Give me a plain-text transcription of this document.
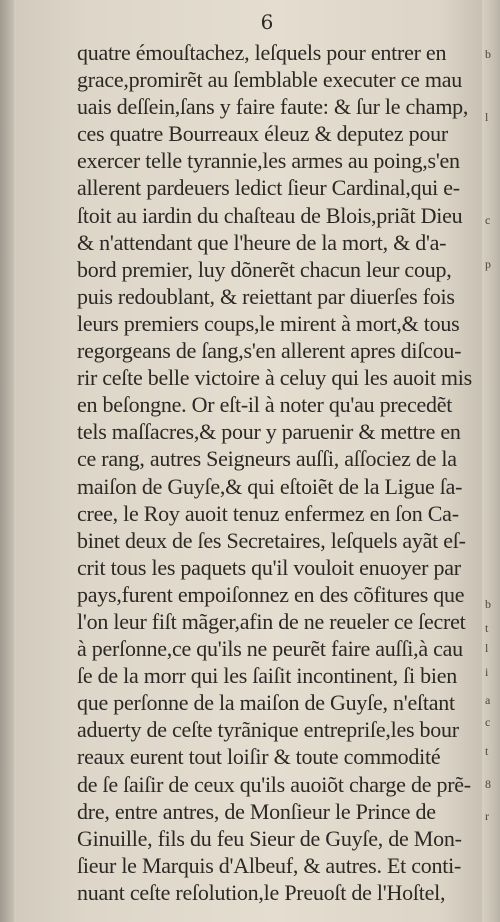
6
quatre émouſtachez, leſquels pour entrer en
grace,promirẽt au ſemblable executer ce mau
uais deſſein,ſans y faire faute: & ſur le champ,
ces quatre Bourreaux éleuz & deputez pour
exercer telle tyrannie,les armes au poing,s'en
allerent pardeuers ledict ſieur Cardinal,qui e-
ſtoit au iardin du chaſteau de Blois,priãt Dieu
& n'attendant que l'heure de la mort, & d'a-
bord premier, luy dõnerẽt chacun leur coup,
puis redoublant, & reiettant par diuerſes fois
leurs premiers coups,le mirent à mort,& tous
regorgeans de ſang,s'en allerent apres diſcou-
rir ceſte belle victoire à celuy qui les auoit mis
en beſongne. Or eſt-il à noter qu'au precedẽt
tels maſſacres,& pour y paruenir & mettre en
ce rang, autres Seigneurs auſſi, aſſociez de la
maiſon de Guyſe,& qui eſtoiẽt de la Ligue ſa-
cree, le Roy auoit tenuz enfermez en ſon Ca-
binet deux de ſes Secretaires, leſquels ayãt eſ-
crit tous les paquets qu'il vouloit enuoyer par
pays,furent empoiſonnez en des cõfitures que
l'on leur fiſt mãger,afin de ne reueler ce ſecret
à perſonne,ce qu'ils ne peurẽt faire auſſi,à cau
ſe de la morr qui les ſaiſit incontinent, ſi bien
que perſonne de la maiſon de Guyſe, n'eſtant
aduerty de ceſte tyrãnique entrepriſe,les bour
reaux eurent tout loiſir & toute commodité
de ſe ſaiſir de ceux qu'ils auoiõt charge de prẽ-
dre, entre antres, de Monſieur le Prince de
Ginuille, fils du feu Sieur de Guyſe, de Mon-
ſieur le Marquis d'Albeuf, & autres. Et conti-
nuant ceſte reſolution,le Preuoſt de l'Hoſtel,
b
l
c
p
b
t
l
i
a
c
t
8
r
